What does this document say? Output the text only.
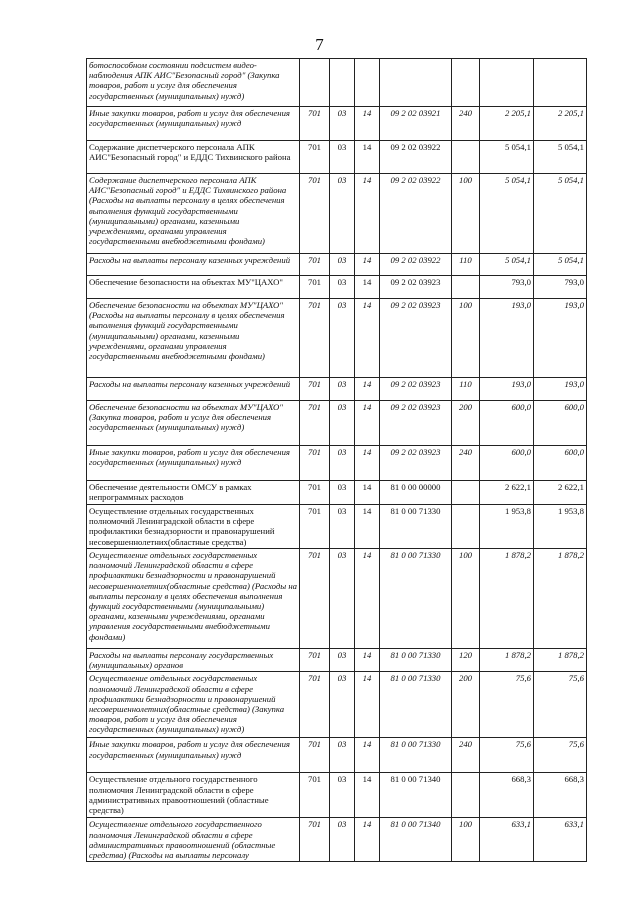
7
ботоспособном состоянии подсистем видео-наблюдения АПК АИС"Безопасный город" (Закупка товаров, работ и услуг для обеспечения государственных (муниципальных) нужд)							
Иные закупки товаров, работ и услуг для обеспечения государственных (муниципальных) нужд	701	03	14	09 2 02 03921	240	2 205,1	2 205,1
Содержание диспетчерского персонала АПК АИС"Безопасный город" и ЕДДС Тихвинского района	701	03	14	09 2 02 03922		5 054,1	5 054,1
Содержание диспетчерского персонала АПК АИС"Безопасный город" и ЕДДС Тихвинского района (Расходы на выплаты персоналу в целях обеспечения выполнения функций государственными (муниципальными) органами, казенными учреждениями, органами управления государственными внебюджетными фондами)	701	03	14	09 2 02 03922	100	5 054,1	5 054,1
Расходы на выплаты персоналу казенных учреждений	701	03	14	09 2 02 03922	110	5 054,1	5 054,1
Обеспечение безопасности на объектах МУ"ЦАХО"	701	03	14	09 2 02 03923		793,0	793,0
Обеспечение безопасности на объектах МУ"ЦАХО" (Расходы на выплаты персоналу в целях обеспечения выполнения функций государственными (муниципальными) органами, казенными учреждениями, органами управления государственными внебюджетными фондами)	701	03	14	09 2 02 03923	100	193,0	193,0
Расходы на выплаты персоналу казенных учреждений	701	03	14	09 2 02 03923	110	193,0	193,0
Обеспечение безопасности на объектах МУ"ЦАХО" (Закупка товаров, работ и услуг для обеспечения государственных (муниципальных) нужд)	701	03	14	09 2 02 03923	200	600,0	600,0
Иные закупки товаров, работ и услуг для обеспечения государственных (муниципальных) нужд	701	03	14	09 2 02 03923	240	600,0	600,0
Обеспечение деятельности ОМСУ в рамках непрограммных расходов	701	03	14	81 0 00 00000		2 622,1	2 622,1
Осуществление отдельных государственных полномочий Ленинградской области в сфере профилактики безнадзорности и правонарушений несовершеннолетних(областные средства)	701	03	14	81 0 00 71330		1 953,8	1 953,8
Осуществление отдельных государственных полномочий Ленинградской области в сфере профилактики безнадзорности и правонарушений несовершеннолетних(областные средства) (Расходы на выплаты персоналу в целях обеспечения выполнения функций государственными (муниципальными) органами, казенными учреждениями, органами управления государственными внебюджетными фондами)	701	03	14	81 0 00 71330	100	1 878,2	1 878,2
Расходы на выплаты персоналу государственных (муниципальных) органов	701	03	14	81 0 00 71330	120	1 878,2	1 878,2
Осуществление отдельных государственных полномочий Ленинградской области в сфере профилактики безнадзорности и правонарушений несовершеннолетних(областные средства) (Закупка товаров, работ и услуг для обеспечения государственных (муниципальных) нужд)	701	03	14	81 0 00 71330	200	75,6	75,6
Иные закупки товаров, работ и услуг для обеспечения государственных (муниципальных) нужд	701	03	14	81 0 00 71330	240	75,6	75,6
Осуществление отдельного государственного полномочия Ленинградской области в сфере административных правоотношений (областные средства)	701	03	14	81 0 00 71340		668,3	668,3
Осуществление отдельного государственного полномочия Ленинградской области в сфере административных правоотношений (областные средства) (Расходы на выплаты персоналу	701	03	14	81 0 00 71340	100	633,1	633,1
